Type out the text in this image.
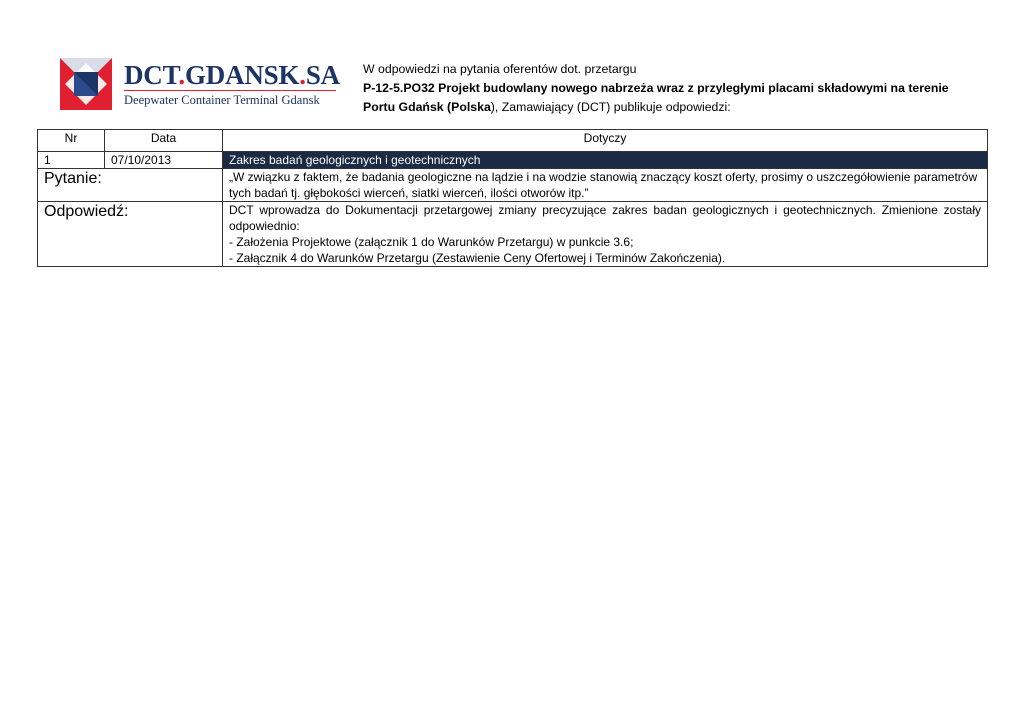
DCT.GDANSK.SA
Deepwater Container Terminal Gdansk
W odpowiedzi na pytania oferentów dot. przetargu
P-12-5.PO32 Projekt budowlany nowego nabrzeża wraz z przyległymi placami składowymi na terenie Portu Gdańsk (Polska), Zamawiający (DCT) publikuje odpowiedzi:
Nr	Data	Dotyczy
1	07/10/2013	Zakres badań geologicznych i geotechnicznych
Pytanie:		„W związku z faktem, że badania geologiczne na lądzie i na wodzie stanowią znaczący koszt oferty, prosimy o uszczegółowienie parametrów tych badań tj. głębokości wierceń, siatki wierceń, ilości otworów itp.”
Odpowiedź:		DCT wprowadza do Dokumentacji przetargowej zmiany precyzujące zakres badan geologicznych i geotechnicznych. Zmienione zostały odpowiednio:
- Założenia Projektowe (załącznik 1 do Warunków Przetargu) w punkcie 3.6;
- Załącznik 4 do Warunków Przetargu (Zestawienie Ceny Ofertowej i Terminów Zakończenia).
